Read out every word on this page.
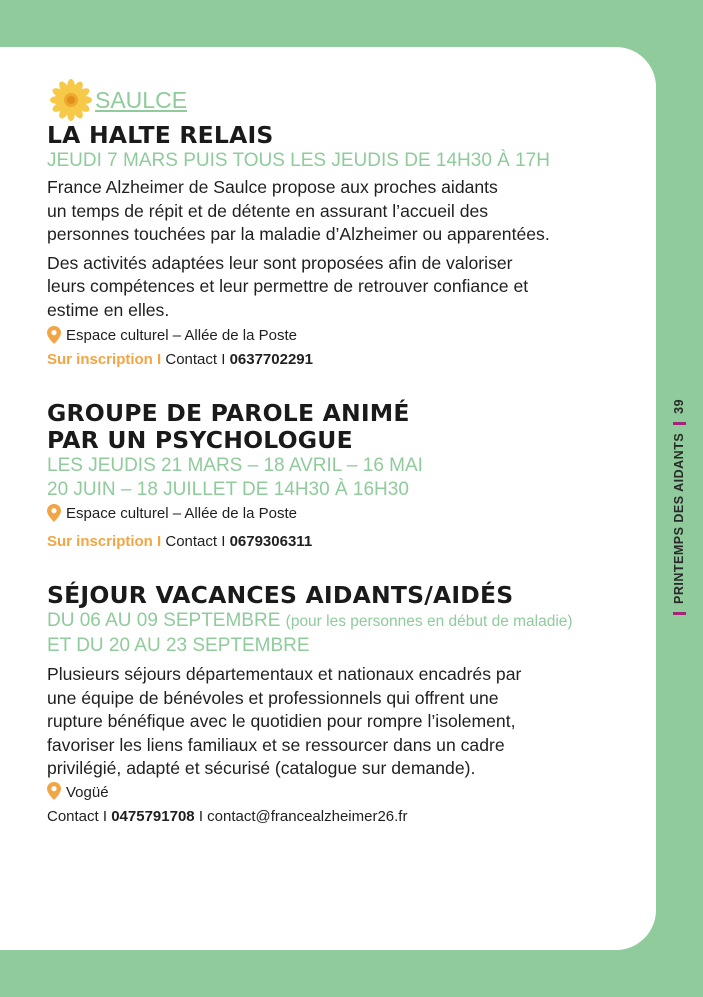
SAULCE
LA HALTE RELAIS
JEUDI 7 MARS PUIS TOUS LES JEUDIS DE 14H30 À 17H
France Alzheimer de Saulce propose aux proches aidants
un temps de répit et de détente en assurant l’accueil des
personnes touchées par la maladie d’Alzheimer ou apparentées.
Des activités adaptées leur sont proposées afin de valoriser
leurs compétences et leur permettre de retrouver confiance et
estime en elles.
Espace culturel – Allée de la Poste
Sur inscription I
Contact I
0637702291
GROUPE DE PAROLE ANIMÉ
PAR UN PSYCHOLOGUE
LES JEUDIS 21 MARS – 18 AVRIL – 16 MAI
20 JUIN – 18 JUILLET DE 14H30 À 16H30
Espace culturel – Allée de la Poste
Sur inscription I
Contact I
0679306311
SÉJOUR VACANCES AIDANTS/AIDÉS
DU 06 AU 09 SEPTEMBRE (pour les personnes en début de maladie)
ET DU 20 AU 23 SEPTEMBRE
Plusieurs séjours départementaux et nationaux encadrés par
une équipe de bénévoles et professionnels qui offrent une
rupture bénéfique avec le quotidien pour rompre l’isolement,
favoriser les liens familiaux et se ressourcer dans un cadre
privilégié, adapté et sécurisé (catalogue sur demande).
Vogüé
Contact I
0475791708
I
contact@francealzheimer26.fr
PRINTEMPS DES AIDANTS
39
